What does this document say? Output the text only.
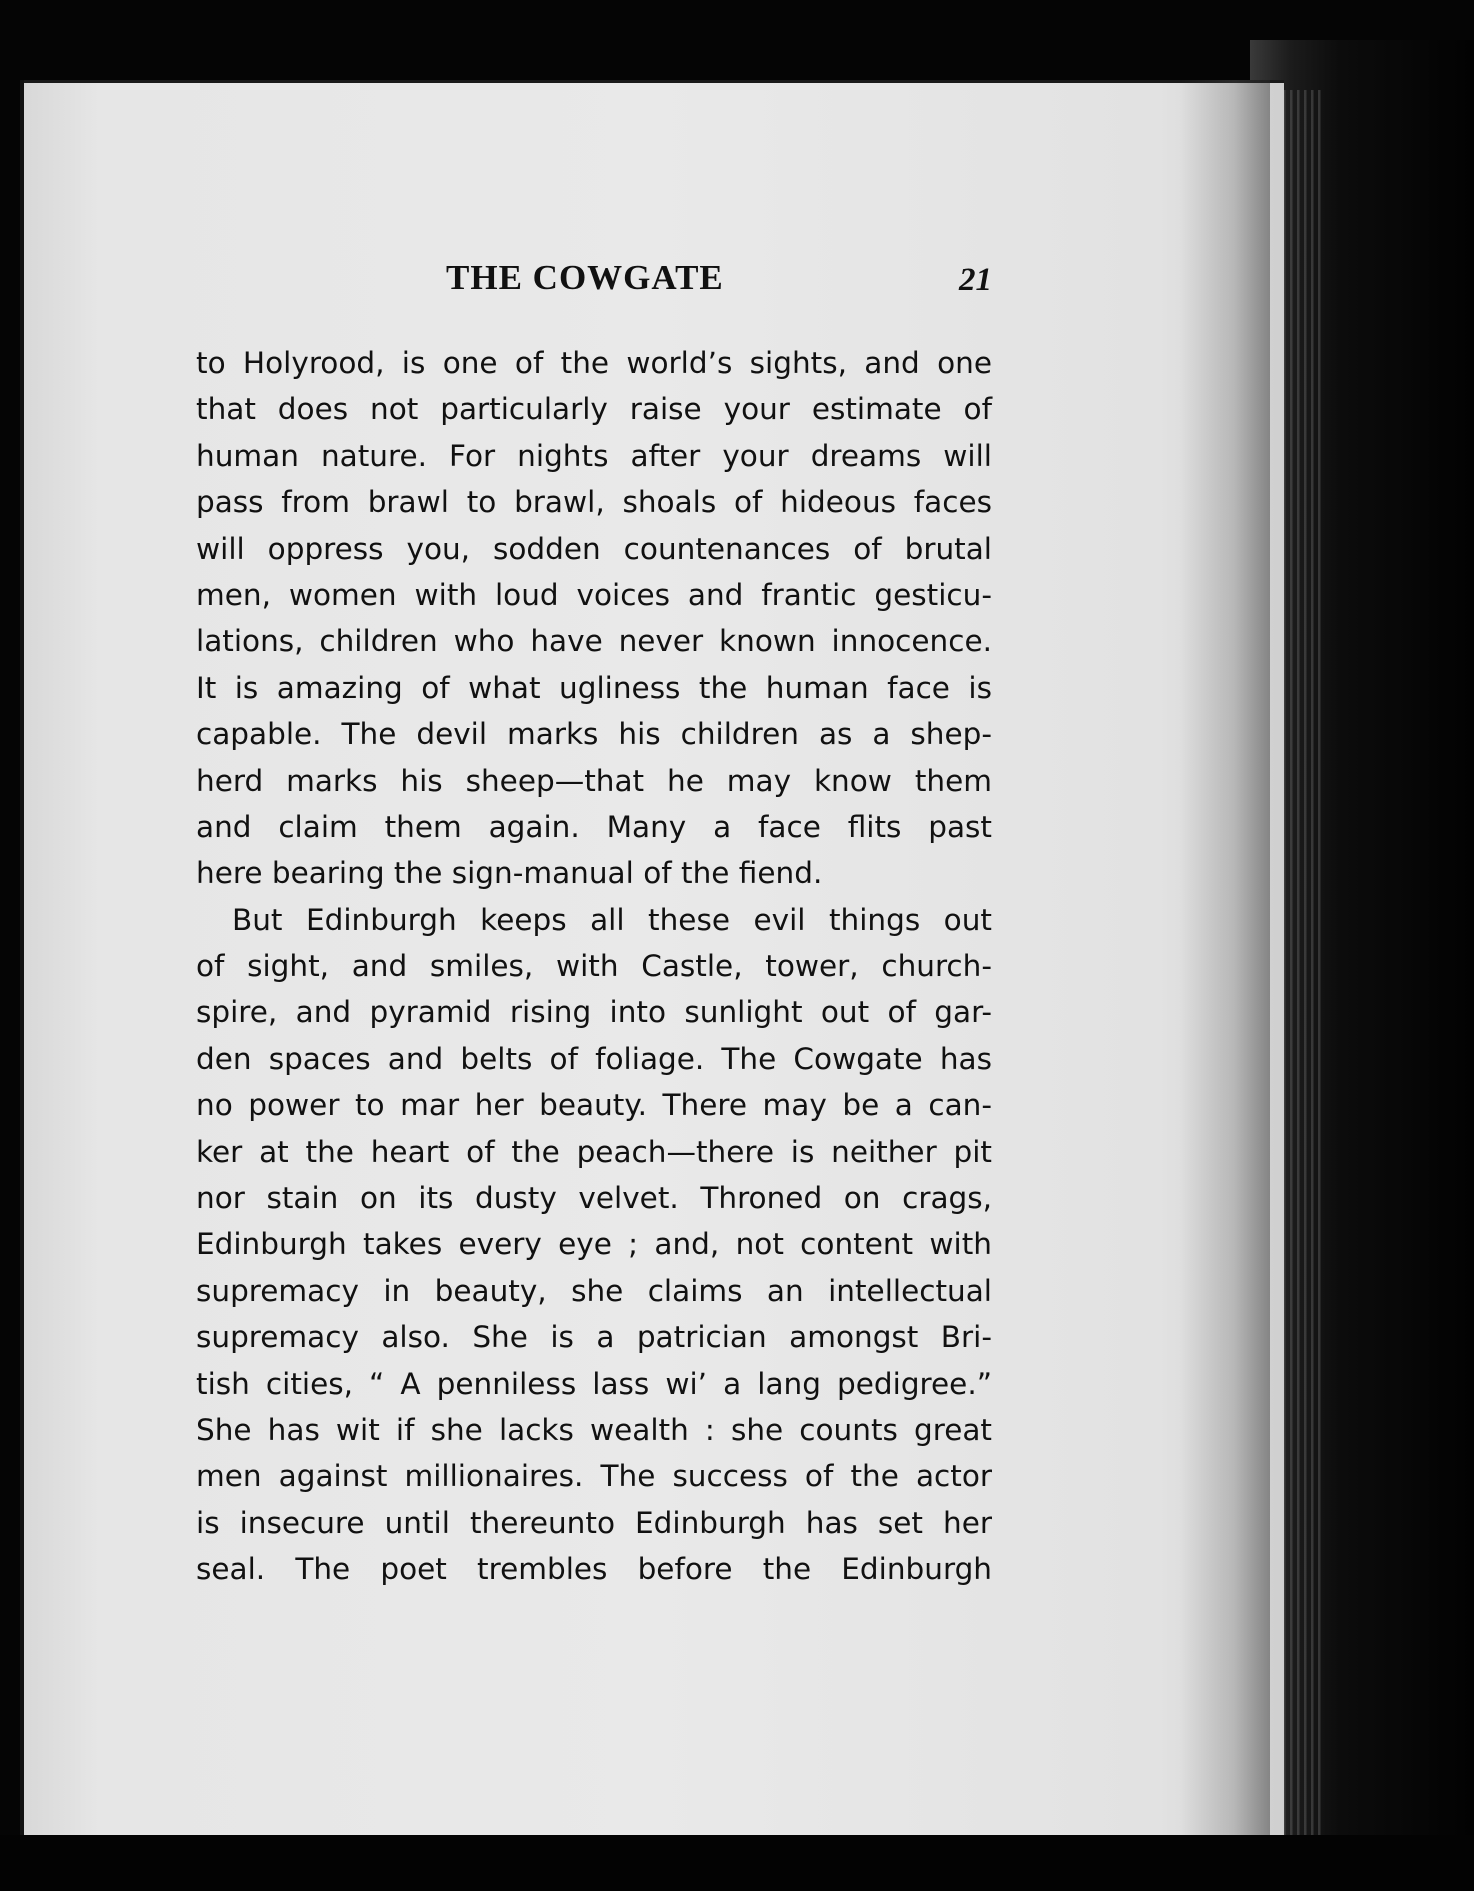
THE COWGATE	21
to Holyrood, is one of the world’s sights, and one
that does not particularly raise your estimate of
human nature. For nights after your dreams will
pass from brawl to brawl, shoals of hideous faces
will oppress you, sodden countenances of brutal
men, women with loud voices and frantic gesticu-
lations, children who have never known innocence.
It is amazing of what ugliness the human face is
capable. The devil marks his children as a shep-
herd marks his sheep—that he may know them
and claim them again. Many a face flits past
here bearing the sign-manual of the fiend.
But Edinburgh keeps all these evil things out
of sight, and smiles, with Castle, tower, church-
spire, and pyramid rising into sunlight out of gar-
den spaces and belts of foliage. The Cowgate has
no power to mar her beauty. There may be a can-
ker at the heart of the peach—there is neither pit
nor stain on its dusty velvet. Throned on crags,
Edinburgh takes every eye ; and, not content with
supremacy in beauty, she claims an intellectual
supremacy also. She is a patrician amongst Bri-
tish cities, “ A penniless lass wi’ a lang pedigree.”
She has wit if she lacks wealth : she counts great
men against millionaires. The success of the actor
is insecure until thereunto Edinburgh has set her
seal. The poet trembles before the Edinburgh
